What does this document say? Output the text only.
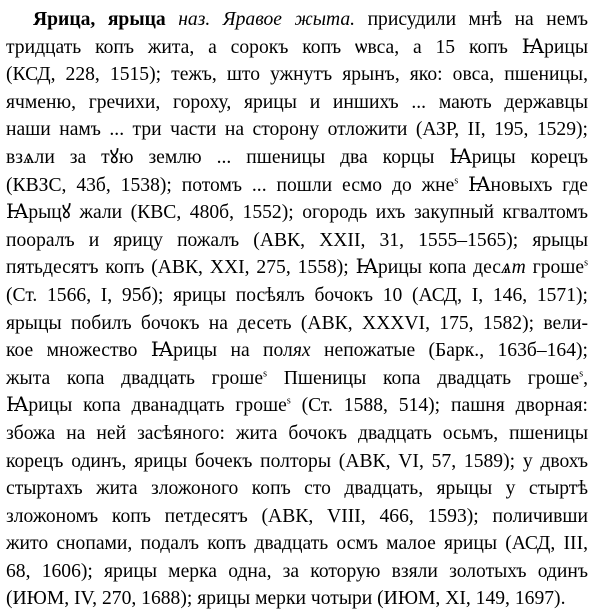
Ярица, ярыца наз. Яравое жыта. присудили мнѣ на немъ
тридцать копъ жита, а сорокъ копъ ѡвса, а 15 копъ Ꙗрицы
(КСД, 228, 1515); тежъ, што ужнутъ ярынъ, яко: овса, пшеницы,
ячменю, гречихи, гороху, ярицы и иншихъ ... мають державцы
наши намъ ... три части на сторону отложити (АЗР, II, 195, 1529);
взѧли за тꙋю землю ... пшеницы два корцы Ꙗрицы корецъ
(КВЗС, 43б, 1538); потомъ ... пошли есмо до жне$^s$ Ꙗновыхъ где
Ꙗрыцꙋ жали (КВС, 480б, 1552); огородь ихъ закупный кгвалтомъ
пооралъ и ярицу пожалъ (АВК, XXII, 31, 1555–1565); ярыцы
пятьдесятъ копъ (АВК, XXI, 275, 1558); Ꙗрицы копа десѧт грошe$^s$
(Ст. 1566, I, 95б); ярицы посѣялъ бочокъ 10 (АСД, I, 146, 1571);
ярыцы побилъ бочокъ на десеть (АВК, XXXVI, 175, 1582); вели-
кое множество Ꙗрицы на полях непожатые (Барк., 163б–164);
жыта копа двадцать грошe$^s$ Пшеницы копа двадцать грошe$^s$,
Ꙗрицы копа дванадцать грошe$^s$ (Ст. 1588, 514); пашня дворная:
збожа на ней засѣяного: жита бочокъ двадцать осьмъ, пшеницы
корецъ одинъ, ярицы бочекъ полторы (АВК, VI, 57, 1589); у двохъ
стыртахъ жита зложоного копъ сто двадцать, ярыцы у стыртѣ
зложономъ копъ петдесятъ (АВК, VIII, 466, 1593); поличивши
жито снопами, подалъ копъ двадцать осмъ малое ярицы (АСД, III,
68, 1606); ярицы мерка одна, за которую взяли золотыхъ одинъ
(ИЮМ, IV, 270, 1688); ярицы мерки чотыри (ИЮМ, XI, 149, 1697).
